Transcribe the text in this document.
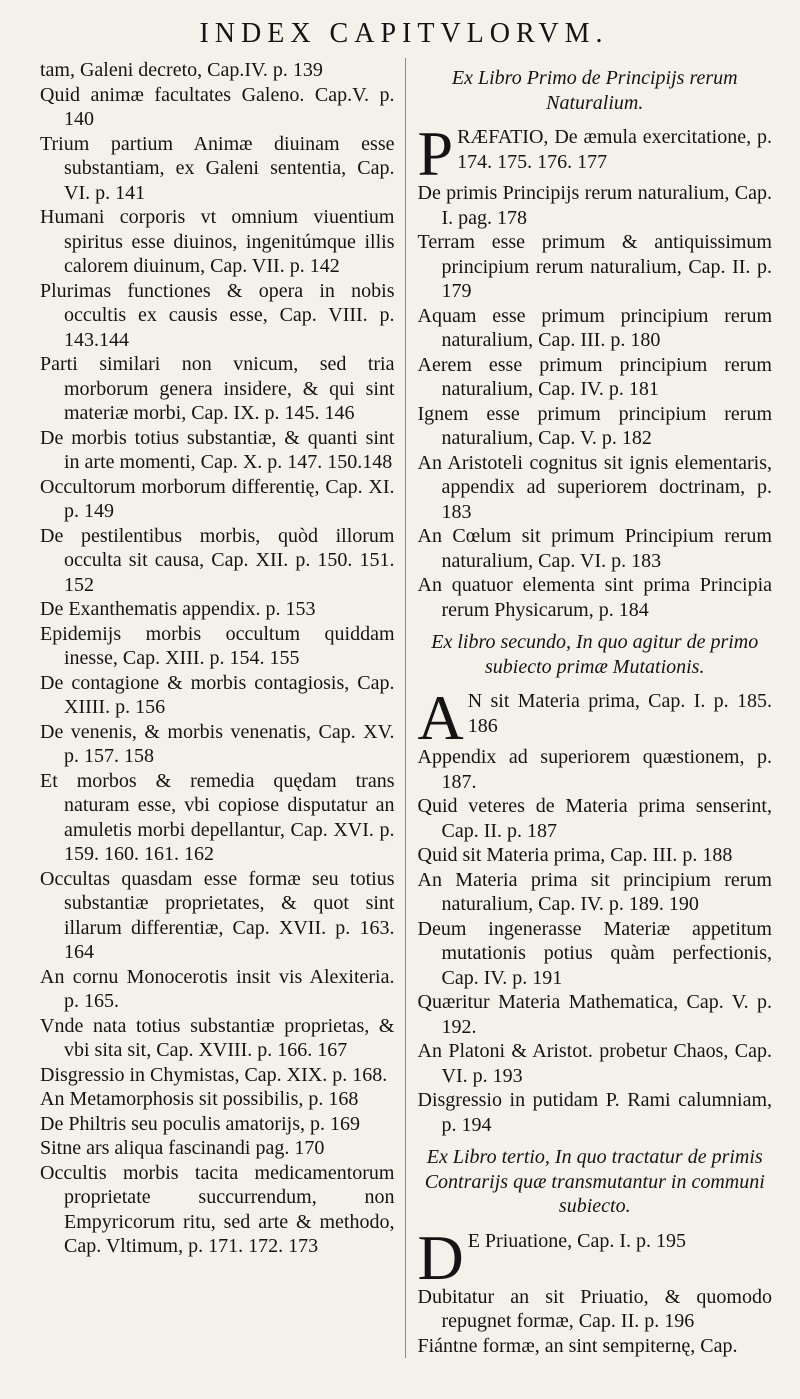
INDEX CAPITVLORVM.
tam, Galeni decreto, Cap.IV. p. 139
Quid animæ facultates Galeno. Cap.V. p. 140
Trium partium Animæ diuinam esse substantiam, ex Galeni sententia, Cap. VI. p. 141
Humani corporis vt omnium viuentium spiritus esse diuinos, ingenitúmque illis calorem diuinum, Cap. VII. p. 142
Plurimas functiones & opera in nobis occultis ex causis esse, Cap. VIII. p. 143.144
Parti similari non vnicum, sed tria morborum genera insidere, & qui sint materiæ morbi, Cap. IX. p. 145. 146
De morbis totius substantiæ, & quanti sint in arte momenti, Cap. X. p. 147. 150.148
Occultorum morborum differentię, Cap. XI. p. 149
De pestilentibus morbis, quòd illorum occulta sit causa, Cap. XII. p. 150. 151. 152
De Exanthematis appendix. p. 153
Epidemijs morbis occultum quiddam inesse, Cap. XIII. p. 154. 155
De contagione & morbis contagiosis, Cap. XIIII. p. 156
De venenis, & morbis venenatis, Cap. XV. p. 157. 158
Et morbos & remedia quędam trans naturam esse, vbi copiose disputatur an amuletis morbi depellantur, Cap. XVI. p. 159. 160. 161. 162
Occultas quasdam esse formæ seu totius substantiæ proprietates, & quot sint illarum differentiæ, Cap. XVII. p. 163. 164
An cornu Monocerotis insit vis Alexiteria. p. 165.
Vnde nata totius substantiæ proprietas, & vbi sita sit, Cap. XVIII. p. 166. 167
Disgressio in Chymistas, Cap. XIX. p. 168.
An Metamorphosis sit possibilis, p. 168
De Philtris seu poculis amatorijs, p. 169
Sitne ars aliqua fascinandi pag. 170
Occultis morbis tacita medicamentorum proprietate succurrendum, non Empyricorum ritu, sed arte & methodo, Cap. Vltimum, p. 171. 172. 173
Ex Libro Primo de Principijs rerum Naturalium.
P RÆFATIO, De æmula exercitatione, p. 174. 175. 176. 177
De primis Principijs rerum naturalium, Cap. I. pag. 178
Terram esse primum & antiquissimum principium rerum naturalium, Cap. II. p. 179
Aquam esse primum principium rerum naturalium, Cap. III. p. 180
Aerem esse primum principium rerum naturalium, Cap. IV. p. 181
Ignem esse primum principium rerum naturalium, Cap. V. p. 182
An Aristoteli cognitus sit ignis elementaris, appendix ad superiorem doctrinam, p. 183
An Cœlum sit primum Principium rerum naturalium, Cap. VI. p. 183
An quatuor elementa sint prima Principia rerum Physicarum, p. 184
Ex libro secundo, In quo agitur de primo subiecto primæ Mutationis.
A N sit Materia prima, Cap. I. p. 185. 186
Appendix ad superiorem quæstionem, p. 187.
Quid veteres de Materia prima senserint, Cap. II. p. 187
Quid sit Materia prima, Cap. III. p. 188
An Materia prima sit principium rerum naturalium, Cap. IV. p. 189. 190
Deum ingenerasse Materiæ appetitum mutationis potius quàm perfectionis, Cap. IV. p. 191
Quæritur Materia Mathematica, Cap. V. p. 192.
An Platoni & Aristot. probetur Chaos, Cap. VI. p. 193
Disgressio in putidam P. Rami calumniam, p. 194
Ex Libro tertio, In quo tractatur de primis Contrarijs quæ transmutantur in communi subiecto.
D E Priuatione, Cap. I. p. 195
Dubitatur an sit Priuatio, & quomodo repugnet formæ, Cap. II. p. 196
Fiántne formæ, an sint sempiternę, Cap.
